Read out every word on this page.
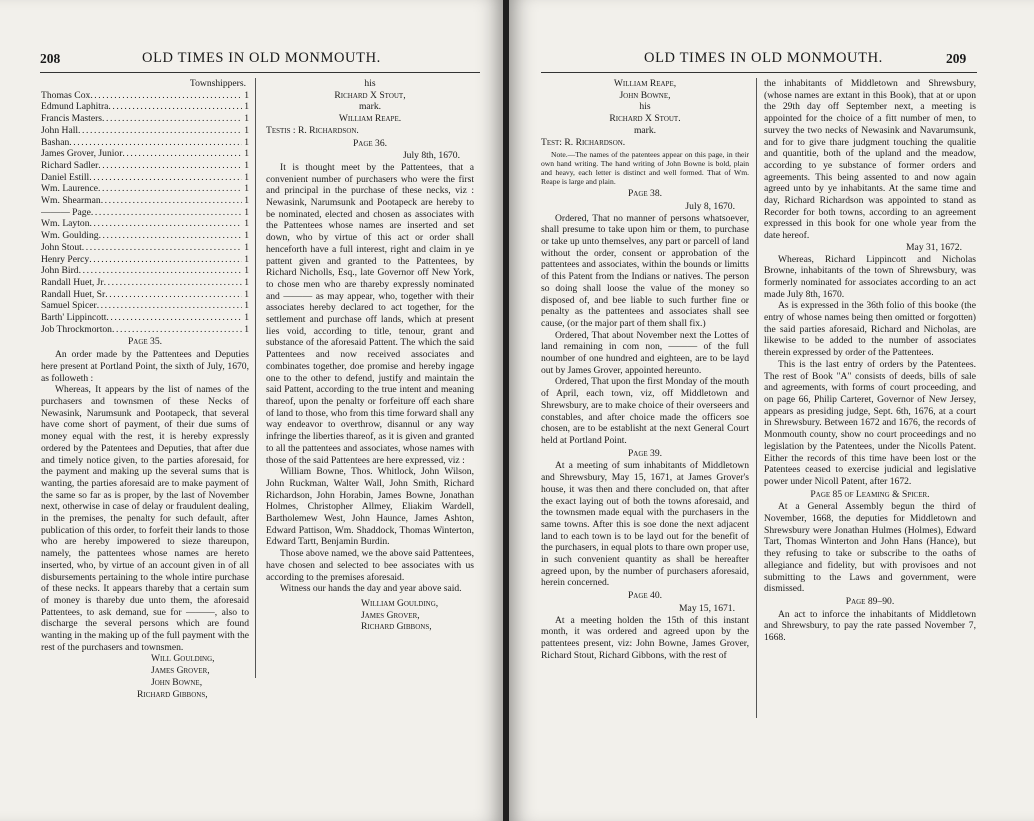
208	OLD TIMES IN OLD MONMOUTH.

Townshippers.

Thomas Cox .....	1
Edmund Laphitra .....	1
Francis Masters .....	1
John Hall .....	1
Bashan .....	1
James Grover, Junior .....	1
Richard Sadler .....	1
Daniel Estill .....	1
Wm. Laurence .....	1
Wm. Shearman .....	1
——— Page .....	1
Wm. Layton .....	1
Wm. Goulding .....	1
John Stout .....	1
Henry Percy .....	1
John Bird .....	1
Randall Huet, Jr .....	1
Randall Huet, Sr .....	1
Samuel Spicer .....	1
Barth' Lippincott .....	1
Job Throckmorton .....	1

Page 35.

An order made by the Pattentees and Deputies here present at Portland Point, the sixth of July, 1670, as followeth :

Whereas, It appears by the list of names of the purchasers and townsmen of these Necks of Newasink, Narumsunk and Pootapeck, that several have come short of payment, of their due sums of money equal with the rest, it is hereby expressly ordered by the Patentees and Deputies, that after due and timely notice given, to the parties aforesaid, for the payment and making up the several sums that is wanting, the parties aforesaid are to make payment of the same so far as is proper, by the last of November next, otherwise in case of delay or fraudulent dealing, in the premises, the penalty for such default, after publication of this order, to forfeit their lands to those who are hereby impowered to sieze thareupon, namely, the pattentees whose names are hereto inserted, who, by virtue of an account given in of all disbursements pertaining to the whole intire purchase of these necks. It appears thareby that a certain sum of money is thareby due unto them, the aforesaid Pattentees, to ask demand, sue for ———, also to discharge the several persons which are found wanting in the making up of the full payment with the rest of the purchasers and townsmen.

Will Goulding,

James Grover,

John Bowne,

Richard Gibbons,

his

Richard X Stout,

mark.

William Reape.

Testis : R. Richardson.

Page 36.

July 8th, 1670.

It is thought meet by the Pattentees, that a convenient number of purchasers who were the first and principal in the purchase of these necks, viz : Newasink, Narumsunk and Pootapeck are hereby to be nominated, elected and chosen as associates with the Pattentees whose names are inserted and set down, who by virtue of this act or order shall henceforth have a full interest, right and claim in ye pattent given and granted to the Pattentees, by Richard Nicholls, Esq., late Governor off New York, to chose men who are thareby expressly nominated and ——— as may appear, who, together with their associates hereby declared to act together, for the settlement and purchase off lands, which at present lies void, according to title, tenour, grant and substance of the aforesaid Pattent. The which the said Pattentees and now received associates and combinates together, doe promise and hereby ingage one to the other to defend, justify and maintain the said Pattent, according to the true intent and meaning thareof, upon the penalty or forfeiture off each share of land to those, who from this time forward shall any way endeavor to overthrow, disannul or any way infringe the liberties thareof, as it is given and granted to all the pattentees and associates, whose names with those of the said Pattentees are here expressed, viz :

William Bowne, Thos. Whitlock, John Wilson, John Ruckman, Walter Wall, John Smith, Richard Richardson, John Horabin, James Bowne, Jonathan Holmes, Christopher Allmey, Eliakim Wardell, Bartholemew West, John Haunce, James Ashton, Edward Pattison, Wm. Shaddock, Thomas Winterton, Edward Tartt, Benjamin Burdin.

Those above named, we the above said Pattentees, have chosen and selected to bee associates with us according to the premises aforesaid.

Witness our hands the day and year above said.

William Goulding,

James Grover,

Richard Gibbons,

OLD TIMES IN OLD MONMOUTH.	209

William Reape,

John Bowne,

his

Richard X Stout.

mark.

Test: R. Richardson.

Note.—The names of the patentees appear on this page, in their own hand writing. The hand writing of John Bowne is bold, plain and heavy, each letter is distinct and well formed. That of Wm. Reape is large and plain.

Page 38.

July 8, 1670.

Ordered, That no manner of persons whatsoever, shall presume to take upon him or them, to purchase or take up unto themselves, any part or parcell of land without the order, consent or approbation of the pattentees and associates, within the bounds or limitts of this Patent from the Indians or natives. The person so doing shall loose the value of the money so disposed of, and bee liable to such further fine or penalty as the pattentees and associates shall see cause, (or the major part of them shall fix.)

Ordered, That about November next the Lottes of land remaining in com non, ——— of the full noumber of one hundred and eighteen, are to be layd out by James Grover, appointed hereunto.

Ordered, That upon the first Monday of the mouth of April, each town, viz, off Middletown and Shrewsbury, are to make choice of their overseers and constables, and after choice made the officers soe chosen, are to be establisht at the next General Court held at Portland Point.

Page 39.

At a meeting of sum inhabitants of Middletown and Shrewsbury, May 15, 1671, at James Grover's house, it was then and there concluded on, that after the exact laying out of both the towns aforesaid, and the townsmen made equal with the purchasers in the same towns. After this is soe done the next adjacent land to each town is to be layd out for the benefit of the purchasers, in equal plots to thare own proper use, in such convenient quantity as shall be hereafter agreed upon, by the number of purchasers aforesaid, herein concerned.

Page 40.

May 15, 1671.

At a meeting holden the 15th of this instant month, it was ordered and agreed upon by the pattentees present, viz: John Bowne, James Grover, Richard Stout, Richard Gibbons, with the rest of

the inhabitants of Middletown and Shrewsbury, (whose names are extant in this Book), that at or upon the 29th day off September next, a meeting is appointed for the choice of a fitt number of men, to survey the two necks of Newasink and Navarumsunk, and for to give thare judgment touching the qualitie and quantitie, both of the upland and the meadow, according to ye substance of former orders and agreements. This being assented to and now again agreed unto by ye inhabitants. At the same time and day, Richard Richardson was appointed to stand as Recorder for both towns, according to an agreement expressed in this book for one whole year from the date hereof.

May 31, 1672.

Whereas, Richard Lippincott and Nicholas Browne, inhabitants of the town of Shrewsbury, was formerly nominated for associates according to an act made July 8th, 1670.

As is expressed in the 36th folio of this booke (the entry of whose names being then omitted or forgotten) the said parties aforesaid, Richard and Nicholas, are likewise to be added to the number of associates therein expressed by order of the Pattentees.

This is the last entry of orders by the Patentees. The rest of Book "A" consists of deeds, bills of sale and agreements, with forms of court proceeding, and on page 66, Philip Carteret, Governor of New Jersey, appears as presiding judge, Sept. 6th, 1676, at a court in Shrewsbury. Between 1672 and 1676, the records of Monmouth county, show no court proceedings and no legislation by the Patentees, under the Nicolls Patent. Either the records of this time have been lost or the Patentees ceased to exercise judicial and legislative power under Nicoll Patent, after 1672.

Page 85 of Leaming & Spicer.

At a General Assembly begun the third of November, 1668, the deputies for Middletown and Shrewsbury were Jonathan Hulmes (Holmes), Edward Tart, Thomas Winterton and John Hans (Hance), but they refusing to take or subscribe to the oaths of allegiance and fidelity, but with provisoes and not submitting to the Laws and government, were dismissed.

Page 89–90.

An act to inforce the inhabitants of Middletown and Shrewsbury, to pay the rate passed November 7, 1668.
